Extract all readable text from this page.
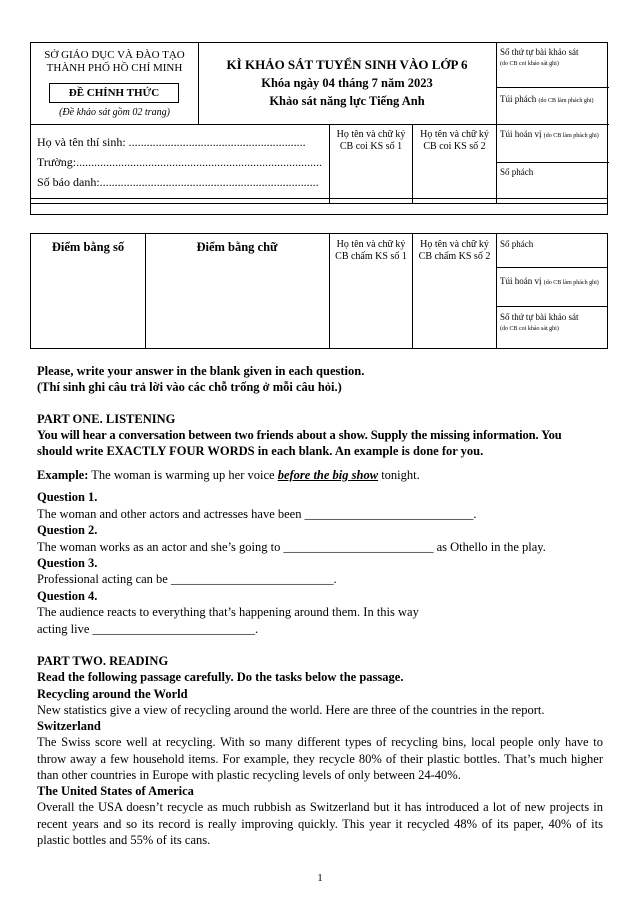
SỞ GIÁO DỤC VÀ ĐÀO TẠO
THÀNH PHỐ HỒ CHÍ MINH
ĐỀ CHÍNH THỨC
(Đề khảo sát gồm 02 trang)
KÌ KHẢO SÁT TUYỂN SINH VÀO LỚP 6
Khóa ngày 04 tháng 7 năm 2023
Khảo sát năng lực Tiếng Anh
Số thứ tự bài khảo sát
(do CB coi khảo sát ghi)
Túi phách (do CB làm phách ghi)
Túi hoán vị (do CB làm phách ghi)
Số phách
Họ và tên thí sinh: ...........................................................
Trường:..................................................................................
Số báo danh:.........................................................................
Họ tên và chữ ký CB coi KS số 1
Họ tên và chữ ký CB coi KS số 2
Điểm bằng số	Điểm bằng chữ	Họ tên và chữ ký CB chấm KS số 1
Họ tên và chữ ký CB chấm KS số 2
Số phách
Túi hoán vị (do CB làm phách ghi)
Số thứ tự bài khảo sát
(do CB coi khảo sát ghi)
Please, write your answer in the blank given in each question.
(Thí sinh ghi câu trả lời vào các chỗ trống ở mỗi câu hỏi.)
PART ONE. LISTENING
You will hear a conversation between two friends about a show. Supply the missing information. You
should write EXACTLY FOUR WORDS in each blank. An example is done for you.
Example: The woman is warming up her voice before the big show tonight.
Question 1.
The woman and other actors and actresses have been ___________________________.
Question 2.
The woman works as an actor and she’s going to ________________________ as Othello in the play.
Question 3.
Professional acting can be __________________________.
Question 4.
The audience reacts to everything that’s happening around them. In this way
acting live __________________________.
PART TWO. READING
Read the following passage carefully. Do the tasks below the passage.
Recycling around the World
New statistics give a view of recycling around the world. Here are three of the countries in the report.
Switzerland
The Swiss score well at recycling. With so many different types of recycling bins, local people only have to throw away a few household items. For example, they recycle 80% of their plastic bottles. That’s much higher than other countries in Europe with plastic recycling levels of only between 24-40%.
The United States of America
Overall the USA doesn’t recycle as much rubbish as Switzerland but it has introduced a lot of new projects in recent years and so its record is really improving quickly. This year it recycled 48% of its paper, 40% of its plastic bottles and 55% of its cans.
1
